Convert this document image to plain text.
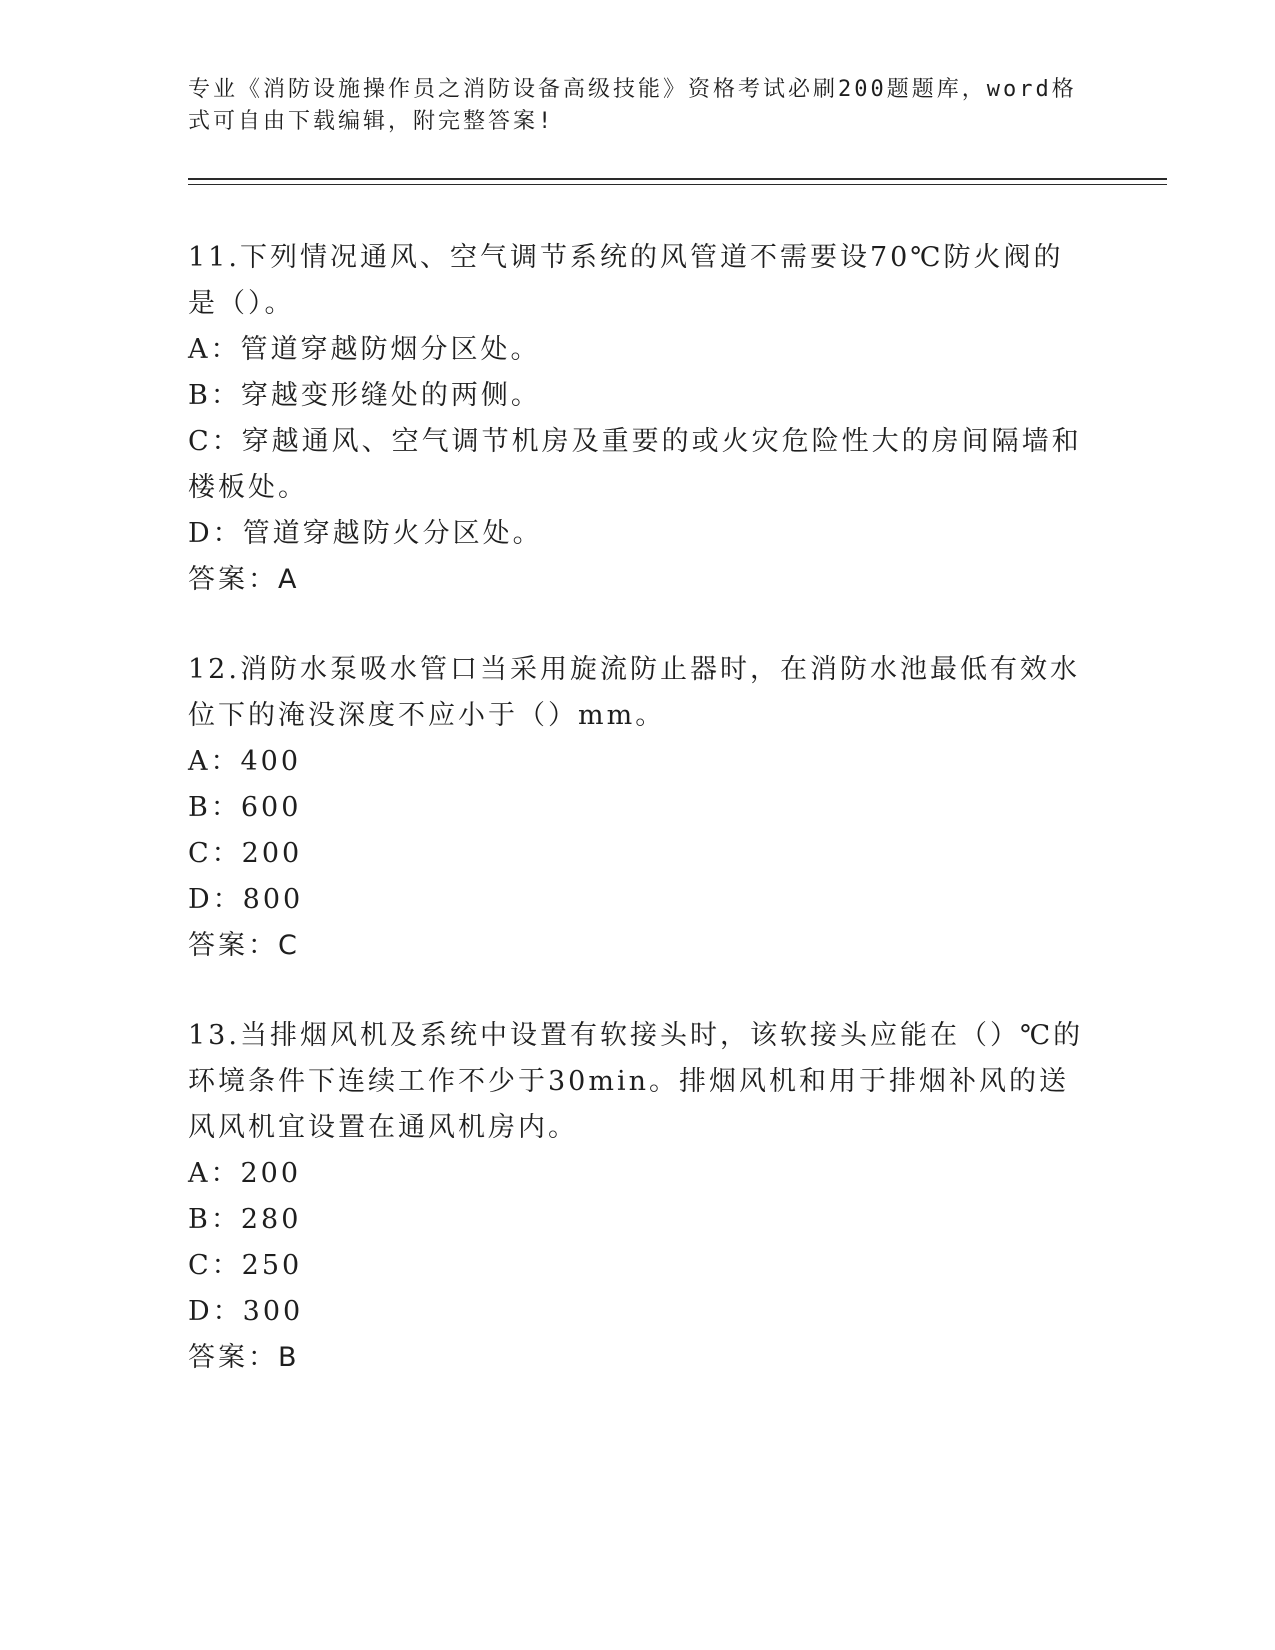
专业《消防设施操作员之消防设备高级技能》资格考试必刷200题题库，word格式可自由下载编辑，附完整答案!

11.下列情况通风、空气调节系统的风管道不需要设70℃防火阀的是（）。

A：管道穿越防烟分区处。

B：穿越变形缝处的两侧。

C：穿越通风、空气调节机房及重要的或火灾危险性大的房间隔墙和楼板处。

D：管道穿越防火分区处。

答案：A

12.消防水泵吸水管口当采用旋流防止器时，在消防水池最低有效水位下的淹没深度不应小于（）mm。

A：400

B：600

C：200

D：800

答案：C

13.当排烟风机及系统中设置有软接头时，该软接头应能在（）℃的环境条件下连续工作不少于30min。排烟风机和用于排烟补风的送风风机宜设置在通风机房内。

A：200

B：280

C：250

D：300

答案：B
